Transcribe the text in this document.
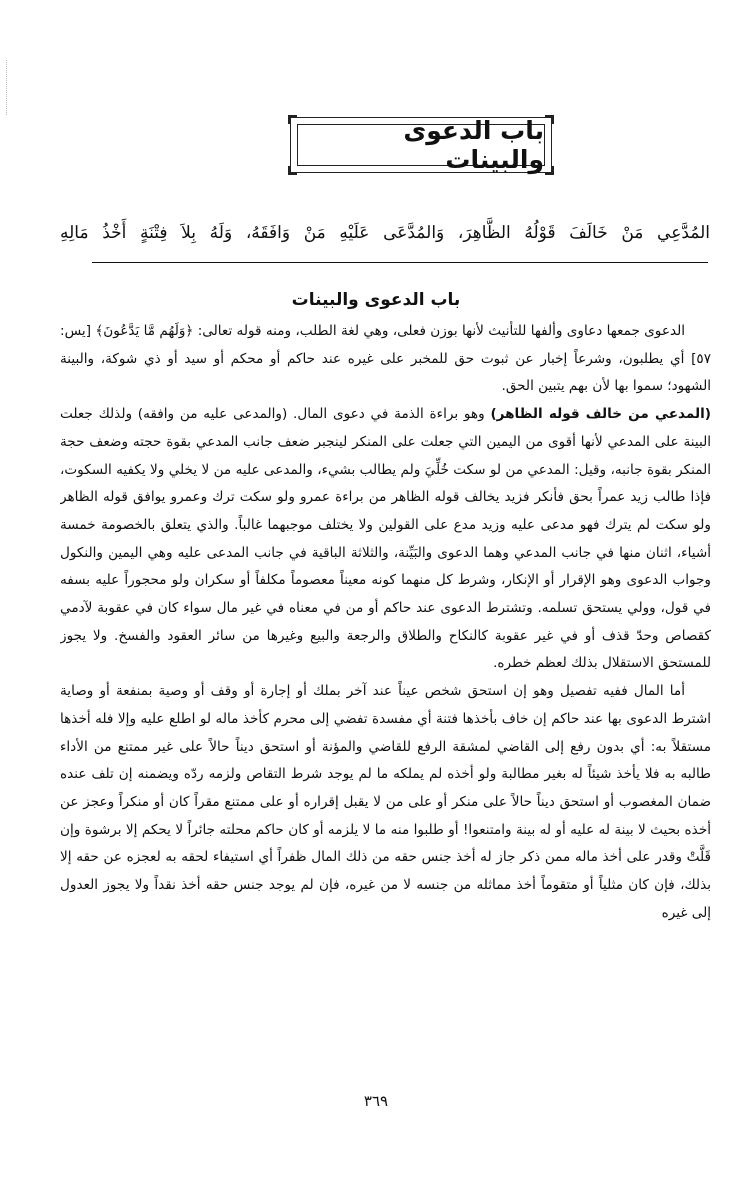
باب الدعوى والبينات
المُدَّعِي مَنْ خَالَفَ قَوْلُهُ الظَّاهِرَ، وَالمُدَّعَى عَلَيْهِ مَنْ وَافَقَهُ، وَلَهُ بِلاَ فِتْنَةٍ أَخْذُ مَالِهِ
باب الدعوى والبينات

الدعوى جمعها دعاوى وألفها للتأنيث لأنها بوزن فعلى، وهي لغة الطلب، ومنه قوله تعالى: ﴿وَلَهُم مَّا يَدَّعُونَ﴾ [يس: ٥٧] أي يطلبون، وشرعاً إخبار عن ثبوت حق للمخبر على غيره عند حاكم أو محكم أو سيد أو ذي شوكة، والبينة الشهود؛ سموا بها لأن بهم يتبين الحق.

(المدعي من خالف قوله الظاهر) وهو براءة الذمة في دعوى المال. (والمدعى عليه من وافقه) ولذلك جعلت البينة على المدعي لأنها أقوى من اليمين التي جعلت على المنكر لينجبر ضعف جانب المدعي بقوة حجته وضعف حجة المنكر بقوة جانبه، وقيل: المدعي من لو سكت خُلِّيَ ولم يطالب بشيء، والمدعى عليه من لا يخلي ولا يكفيه السكوت، فإذا طالب زيد عمراً بحق فأنكر فزيد يخالف قوله الظاهر من براءة عمرو ولو سكت ترك وعمرو يوافق قوله الظاهر ولو سكت لم يترك فهو مدعى عليه وزيد مدع على القولين ولا يختلف موجبهما غالباً. والذي يتعلق بالخصومة خمسة أشياء، اثنان منها في جانب المدعي وهما الدعوى والبَيِّنة، والثلاثة الباقية في جانب المدعى عليه وهي اليمين والنكول وجواب الدعوى وهو الإقرار أو الإنكار، وشرط كل منهما كونه معيناً معصوماً مكلفاً أو سكران ولو محجوراً عليه بسفه في قول، وولي يستحق تسلمه. وتشترط الدعوى عند حاكم أو من في معناه في غير مال سواء كان في عقوبة لآدمي كقصاص وحدّ قذف أو في غير عقوبة كالنكاح والطلاق والرجعة والبيع وغيرها من سائر العقود والفسخ. ولا يجوز للمستحق الاستقلال بذلك لعظم خطره.

أما المال ففيه تفصيل وهو إن استحق شخص عيناً عند آخر بملك أو إجارة أو وقف أو وصية بمنفعة أو وصاية اشترط الدعوى بها عند حاكم إن خاف بأخذها فتنة أي مفسدة تفضي إلى محرم كأخذ ماله لو اطلع عليه وإلا فله أخذها مستقلاً به: أي بدون رفع إلى القاضي لمشقة الرفع للقاضي والمؤنة أو استحق ديناً حالاً على غير ممتنع من الأداء طالبه به فلا يأخذ شيئاً له بغير مطالبة ولو أخذه لم يملكه ما لم يوجد شرط التقاص ولزمه ردّه ويضمنه إن تلف عنده ضمان المغصوب أو استحق ديناً حالاً على منكر أو على من لا يقبل إقراره أو على ممتنع مقراً كان أو منكراً وعجز عن أخذه بحيث لا بينة له عليه أو له بينة وامتنعوا! أو طلبوا منه ما لا يلزمه أو كان حاكم محلته جائراً لا يحكم إلا برشوة وإن قَلَّتْ وقدر على أخذ ماله ممن ذكر جاز له أخذ جنس حقه من ذلك المال ظفراً أي استيفاء لحقه به لعجزه عن حقه إلا بذلك، فإن كان مثلياً أو متقوماً أخذ مماثله من جنسه لا من غيره، فإن لم يوجد جنس حقه أخذ نقداً ولا يجوز العدول إلى غيره

٣٦٩
